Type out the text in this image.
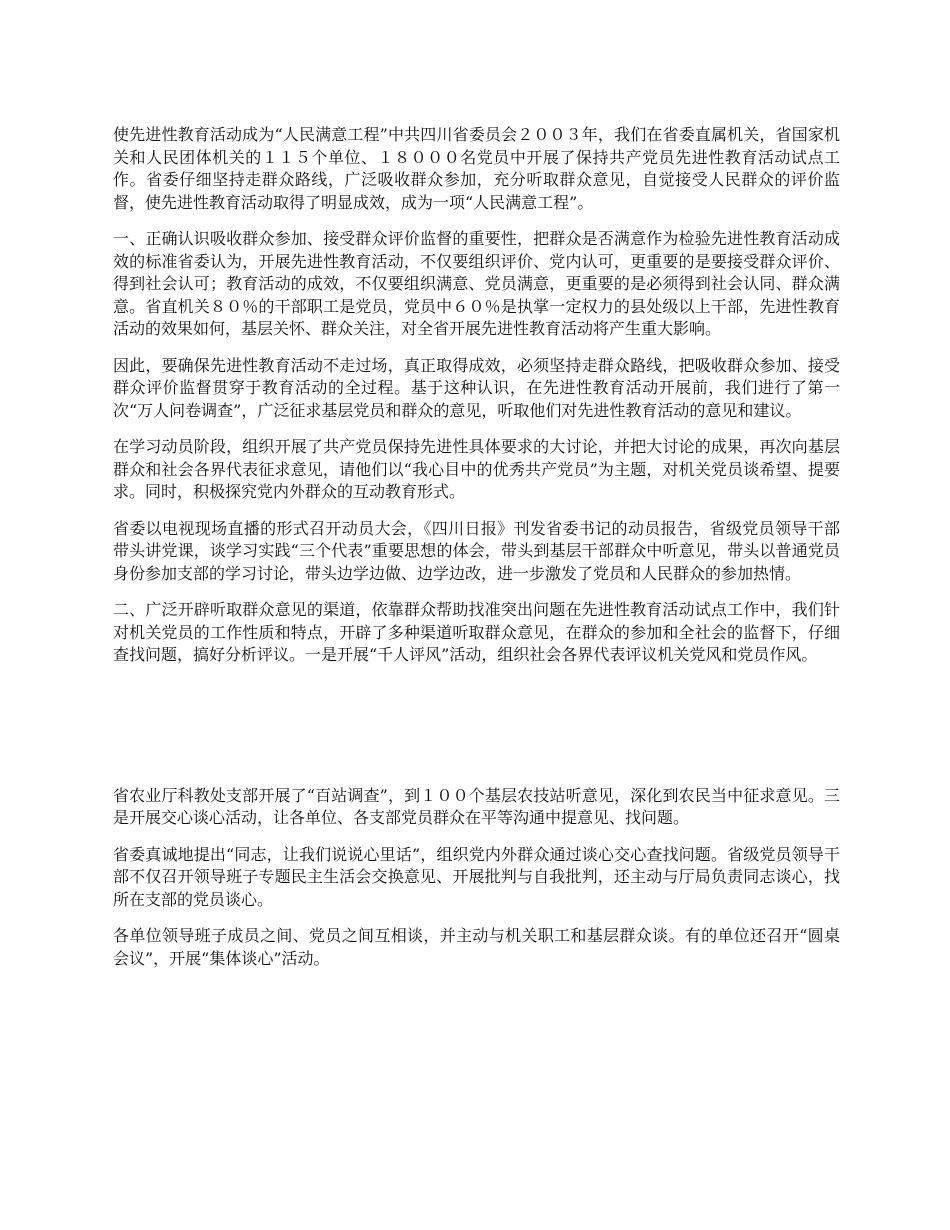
使先进性教育活动成为“人民满意工程”中共四川省委员会２００３年，我们在省委直属机关，省国家机关和人民团体机关的１１５个单位、１８０００名党员中开展了保持共产党员先进性教育活动试点工作。省委仔细坚持走群众路线，广泛吸收群众参加，充分听取群众意见，自觉接受人民群众的评价监督，使先进性教育活动取得了明显成效，成为一项“人民满意工程”。

一、正确认识吸收群众参加、接受群众评价监督的重要性，把群众是否满意作为检验先进性教育活动成效的标准省委认为，开展先进性教育活动，不仅要组织评价、党内认可，更重要的是要接受群众评价、得到社会认可；教育活动的成效，不仅要组织满意、党员满意，更重要的是必须得到社会认同、群众满意。省直机关８０％的干部职工是党员，党员中６０％是执掌一定权力的县处级以上干部，先进性教育活动的效果如何，基层关怀、群众关注，对全省开展先进性教育活动将产生重大影响。

因此，要确保先进性教育活动不走过场，真正取得成效，必须坚持走群众路线，把吸收群众参加、接受群众评价监督贯穿于教育活动的全过程。基于这种认识，在先进性教育活动开展前，我们进行了第一次“万人问卷调查”，广泛征求基层党员和群众的意见，听取他们对先进性教育活动的意见和建议。

在学习动员阶段，组织开展了共产党员保持先进性具体要求的大讨论，并把大讨论的成果，再次向基层群众和社会各界代表征求意见，请他们以“我心目中的优秀共产党员”为主题，对机关党员谈希望、提要求。同时，积极探究党内外群众的互动教育形式。

省委以电视现场直播的形式召开动员大会，《四川日报》刊发省委书记的动员报告，省级党员领导干部带头讲党课，谈学习实践“三个代表”重要思想的体会，带头到基层干部群众中听意见，带头以普通党员身份参加支部的学习讨论，带头边学边做、边学边改，进一步激发了党员和人民群众的参加热情。

二、广泛开辟听取群众意见的渠道，依靠群众帮助找准突出问题在先进性教育活动试点工作中，我们针对机关党员的工作性质和特点，开辟了多种渠道听取群众意见，在群众的参加和全社会的监督下，仔细查找问题，搞好分析评议。一是开展“千人评风”活动，组织社会各界代表评议机关党风和党员作风。

省农业厅科教处支部开展了“百站调查”，到１００个基层农技站听意见，深化到农民当中征求意见。三是开展交心谈心活动，让各单位、各支部党员群众在平等沟通中提意见、找问题。

省委真诚地提出“同志，让我们说说心里话”，组织党内外群众通过谈心交心查找问题。省级党员领导干部不仅召开领导班子专题民主生活会交换意见、开展批判与自我批判，还主动与厅局负责同志谈心，找所在支部的党员谈心。

各单位领导班子成员之间、党员之间互相谈，并主动与机关职工和基层群众谈。有的单位还召开“圆桌会议”，开展“集体谈心”活动。
